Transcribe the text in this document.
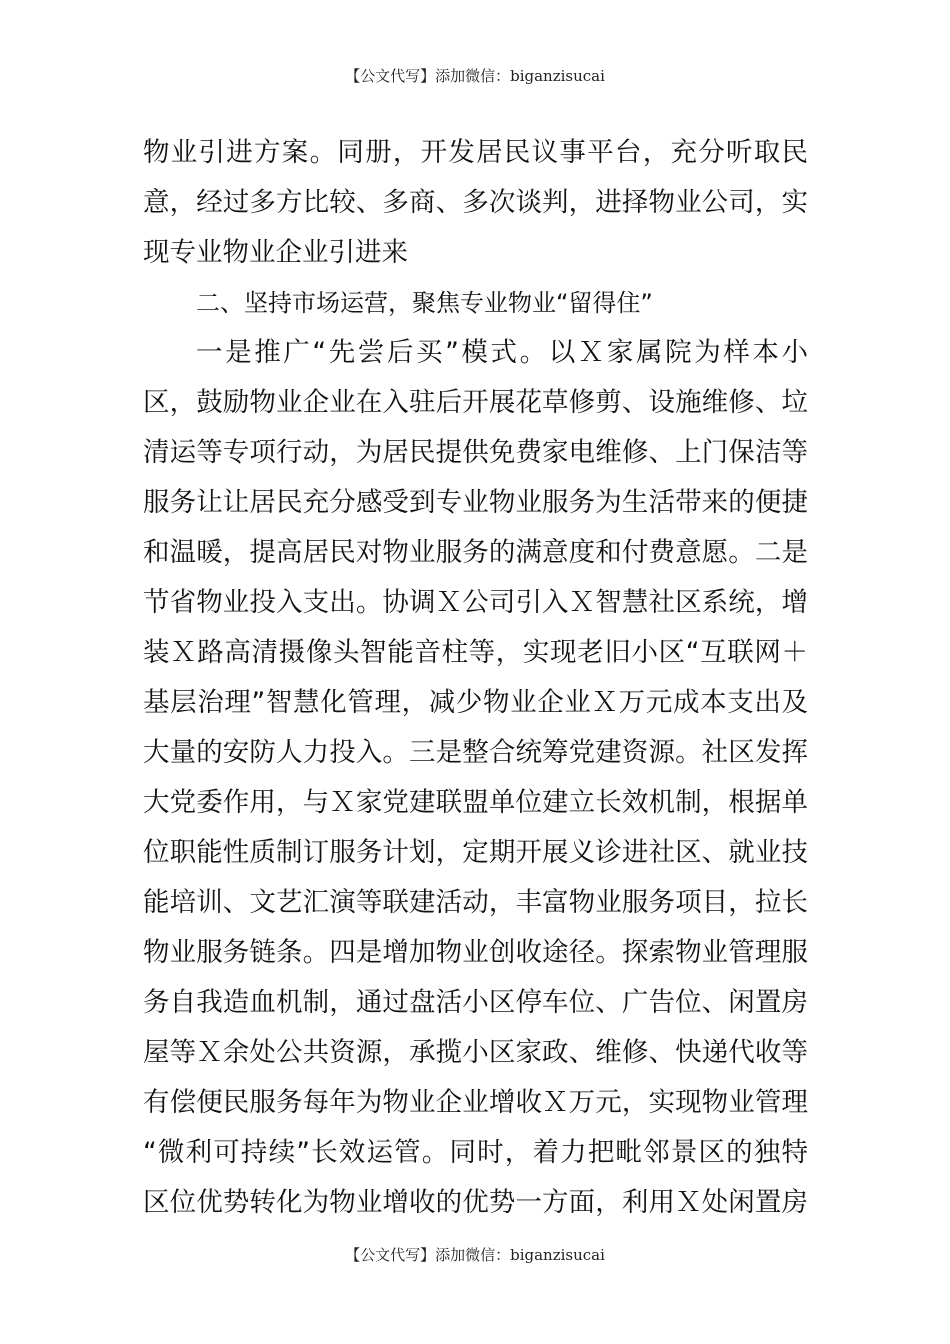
【公文代写】添加微信：biganzisucai
物业引进方案。同册，开发居民议事平台，充分听取民
意，经过多方比较、多商、多次谈判，进择物业公司，实
现专业物业企业引进来
二、坚持市场运营，聚焦专业物业“留得住”
一是推广“先尝后买”模式。以Ｘ家属院为样本小
区，鼓励物业企业在入驻后开展花草修剪、设施维修、垃
清运等专项行动，为居民提供免费家电维修、上门保洁等
服务让让居民充分感受到专业物业服务为生活带来的便捷
和温暖，提高居民对物业服务的满意度和付费意愿。二是
节省物业投入支出。协调Ｘ公司引入Ｘ智慧社区系统，增
装Ｘ路高清摄像头智能音柱等，实现老旧小区“互联网＋
基层治理”智慧化管理，减少物业企业Ｘ万元成本支出及
大量的安防人力投入。三是整合统筹党建资源。社区发挥
大党委作用，与Ｘ家党建联盟单位建立长效机制，根据单
位职能性质制订服务计划，定期开展义诊进社区、就业技
能培训、文艺汇演等联建活动，丰富物业服务项目，拉长
物业服务链条。四是增加物业创收途径。探索物业管理服
务自我造血机制，通过盘活小区停车位、广告位、闲置房
屋等Ｘ余处公共资源，承揽小区家政、维修、快递代收等
有偿便民服务每年为物业企业增收Ｘ万元，实现物业管理
“微利可持续”长效运管。同时，着力把毗邻景区的独特
区位优势转化为物业增收的优势一方面，利用Ｘ处闲置房
【公文代写】添加微信：biganzisucai
